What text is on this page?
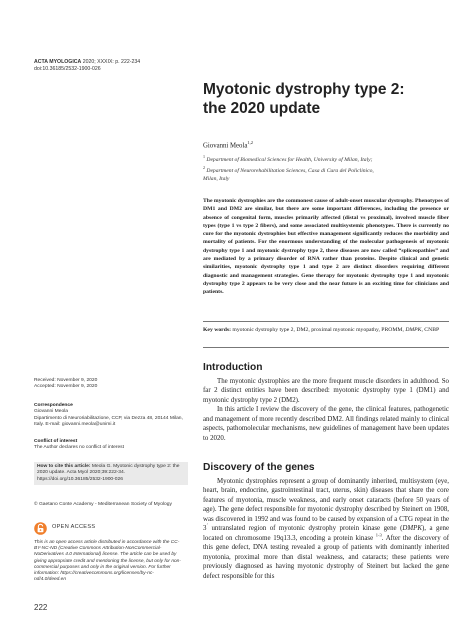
ACTA MYOLOGICA 2020; XXXIX: p. 222-234
doi:10.36185/2532-1900-026
Myotonic dystrophy type 2:
the 2020 update
Giovanni Meola$^{1,2}$
$^1$ Department of Biomedical Sciences for Health, University of Milan, Italy;
$^2$ Department of Neurorehabilitation Sciences, Casa di Cura del Policlinico,
Milan, Italy
The myotonic dystrophies are the commonest cause of adult-onset muscular dystrophy. Phenotypes of DM1 and DM2 are similar, but there are some important differences, including the presence or absence of congenital form, muscles primarily affected (distal vs proximal), involved muscle fiber types (type 1 vs type 2 fibers), and some associated multisystemic phenotypes. There is currently no cure for the myotonic dystrophies but effective management significantly reduces the morbidity and mortality of patients. For the enormous understanding of the molecular pathogenesis of myotonic dystrophy type 1 and myotonic dystrophy type 2, these diseases are now called “spliceopathies” and are mediated by a primary disorder of RNA rather than proteins. Despite clinical and genetic similarities, myotonic dystrophy type 1 and type 2 are distinct disorders requiring different diagnostic and management strategies. Gene therapy for myotonic dystrophy type 1 and myotonic dystrophy type 2 appears to be very close and the near future is an exciting time for clinicians and patients.
Key words: myotonic dystrophy type 2, DM2, proximal myotonic myopathy, PROMM, DMPK, CNBP
Introduction

The myotonic dystrophies are the more frequent muscle disorders in adulthood. So far 2 distinct entities have been described: myotonic dystrophy type 1 (DM1) and myotonic dystrophy type 2 (DM2).

In this article I review the discovery of the gene, the clinical features, pathogenetic and management of more recently described DM2. All findings related mainly to clinical aspects, pathomolecular mechanisms, new guidelines of management have been updates to 2020.

Discovery of the genes

Myotonic dystrophies represent a group of dominantly inherited, multisystem (eye, heart, brain, endocrine, gastrointestinal tract, uterus, skin) diseases that share the core features of myotonia, muscle weakness, and early onset cataracts (before 50 years of age). The gene defect responsible for myotonic dystrophy described by Steinert on 1908, was discovered in 1992 and was found to be caused by expansion of a CTG repeat in the 3’ untranslated region of myotonic dystrophy protein kinase gene (DMPK), a gene located on chromosome 19q13.3, encoding a protein kinase $^{1-3}$. After the discovery of this gene defect, DNA testing revealed a group of patients with dominantly inherited myotonia, proximal more than distal weakness, and cataracts; these patients were previously diagnosed as having myotonic dystrophy of Steinert but lacked the gene defect responsible for this

Received: November 9, 2020
Accepted: November 9, 2020
Correspondence
Giovanni Meola
Dipartimento di Neuroriabilitazione, CCP, via Dezza 48, 20144 Milan, Italy. E-mail: giovanni.meola@unimi.it
Conflict of interest
The Author declares no conflict of interest
How to cite this article: Meola G. Myotonic dystrophy type 2: the 2020 update. Acta Myol 2020;39:222-34. https://doi.org/10.36185/2532-1900-026
© Gaetano Conte Academy - Mediterranean Society of Myology
OPEN ACCESS
This is an open access article distributed in accordance with the CC-BY-NC-ND (Creative Commons Attribution-NonCommercial-NoDerivatives 4.0 International) license. The article can be used by giving appropriate credit and mentioning the license, but only for non-commercial purposes and only in the original version. For further information: https://creativecommons.org/licenses/by-nc-nd/4.0/deed.en
222
